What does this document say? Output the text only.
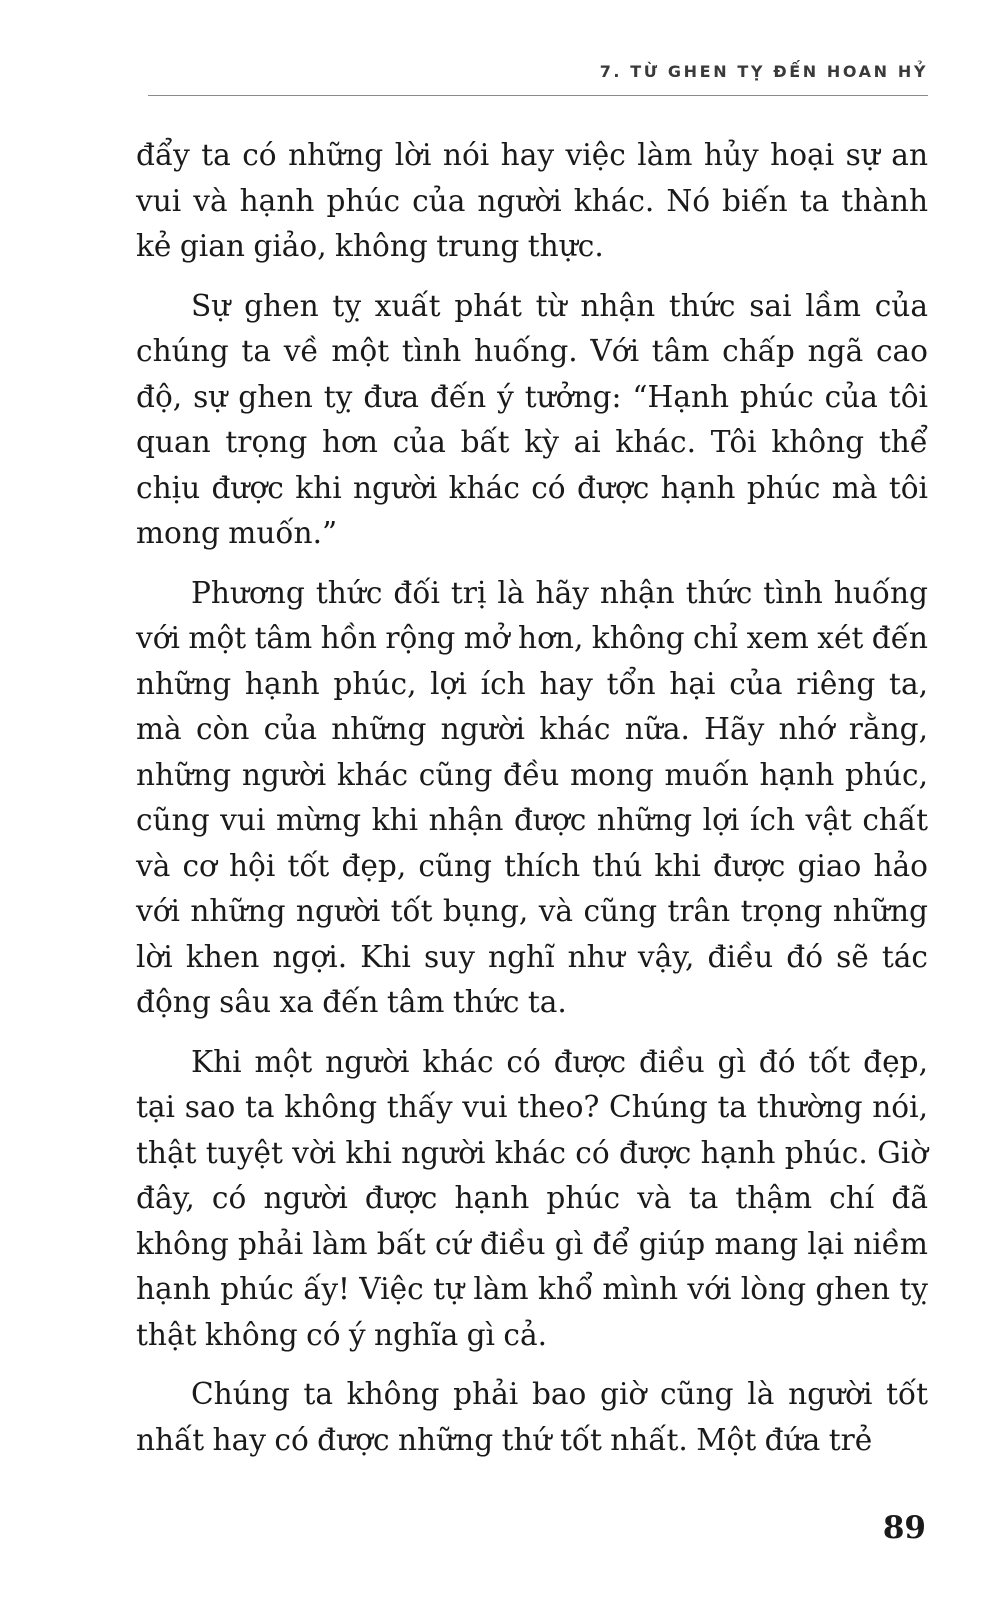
7. TỪ GHEN TỴ ĐẾN HOAN HỶ

đẩy ta có những lời nói hay việc làm hủy hoại sự an vui và hạnh phúc của người khác. Nó biến ta thành kẻ gian giảo, không trung thực.

Sự ghen tỵ xuất phát từ nhận thức sai lầm của chúng ta về một tình huống. Với tâm chấp ngã cao độ, sự ghen tỵ đưa đến ý tưởng: “Hạnh phúc của tôi quan trọng hơn của bất kỳ ai khác. Tôi không thể chịu được khi người khác có được hạnh phúc mà tôi mong muốn.”

Phương thức đối trị là hãy nhận thức tình huống với một tâm hồn rộng mở hơn, không chỉ xem xét đến những hạnh phúc, lợi ích hay tổn hại của riêng ta, mà còn của những người khác nữa. Hãy nhớ rằng, những người khác cũng đều mong muốn hạnh phúc, cũng vui mừng khi nhận được những lợi ích vật chất và cơ hội tốt đẹp, cũng thích thú khi được giao hảo với những người tốt bụng, và cũng trân trọng những lời khen ngợi. Khi suy nghĩ như vậy, điều đó sẽ tác động sâu xa đến tâm thức ta.

Khi một người khác có được điều gì đó tốt đẹp, tại sao ta không thấy vui theo? Chúng ta thường nói, thật tuyệt vời khi người khác có được hạnh phúc. Giờ đây, có người được hạnh phúc và ta thậm chí đã không phải làm bất cứ điều gì để giúp mang lại niềm hạnh phúc ấy! Việc tự làm khổ mình với lòng ghen tỵ thật không có ý nghĩa gì cả.

Chúng ta không phải bao giờ cũng là người tốt nhất hay có được những thứ tốt nhất. Một đứa trẻ

89
